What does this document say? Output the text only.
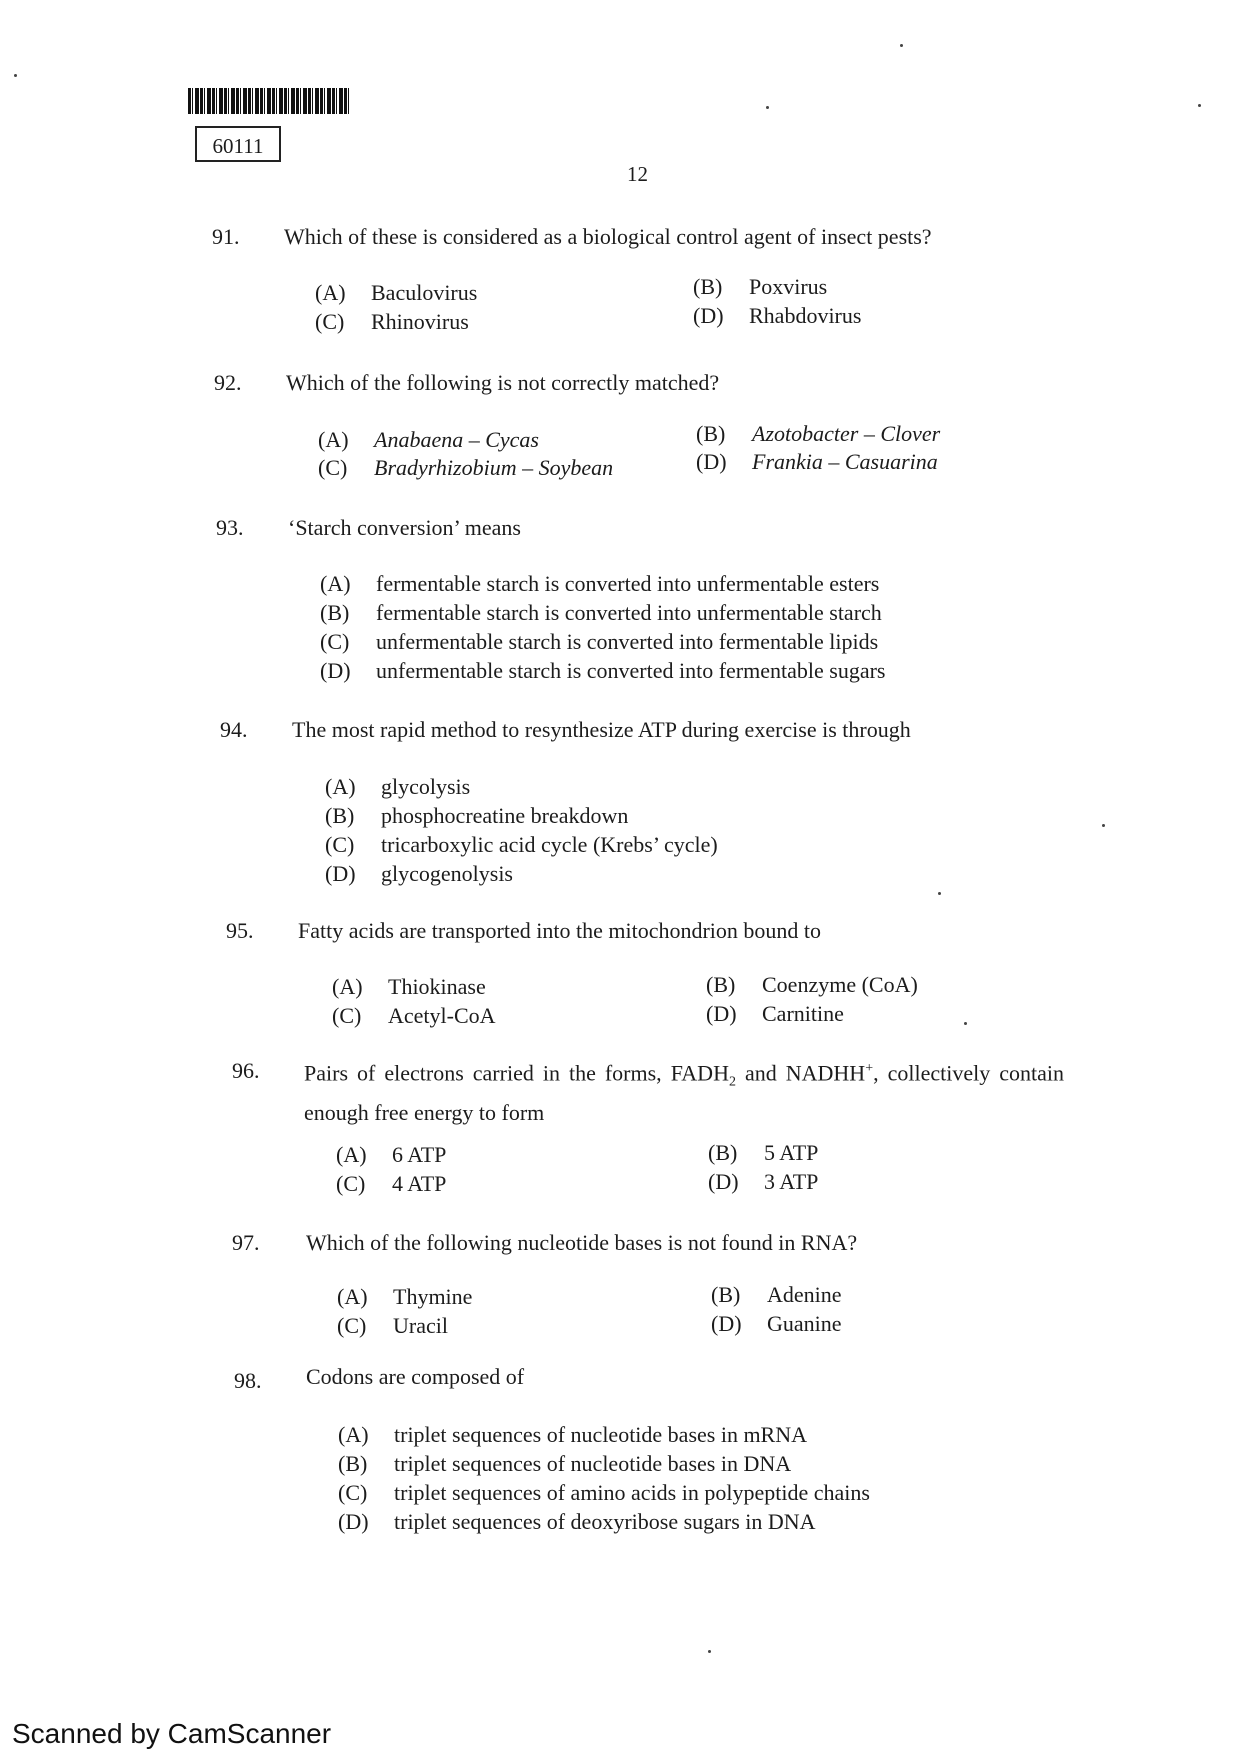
60111
12
91. Which of these is considered as a biological control agent of insect pests?
(A) Baculovirus	(B) Poxvirus
(C) Rhinovirus	(D) Rhabdovirus
92. Which of the following is not correctly matched?
(A) Anabaena – Cycas	(B) Azotobacter – Clover
(C) Bradyrhizobium – Soybean	(D) Frankia – Casuarina
93. ‘Starch conversion’ means
(A) fermentable starch is converted into unfermentable esters
(B) fermentable starch is converted into unfermentable starch
(C) unfermentable starch is converted into fermentable lipids
(D) unfermentable starch is converted into fermentable sugars
94. The most rapid method to resynthesize ATP during exercise is through
(A) glycolysis
(B) phosphocreatine breakdown
(C) tricarboxylic acid cycle (Krebs’ cycle)
(D) glycogenolysis
95. Fatty acids are transported into the mitochondrion bound to
(A) Thiokinase	(B) Coenzyme (CoA)
(C) Acetyl-CoA	(D) Carnitine
96. Pairs of electrons carried in the forms, $FADH_2$ and NADHH+, collectively contain enough free energy to form
(A) 6 ATP	(B) 5 ATP
(C) 4 ATP	(D) 3 ATP
97. Which of the following nucleotide bases is not found in RNA?
(A) Thymine	(B) Adenine
(C) Uracil	(D) Guanine
98. Codons are composed of
(A) triplet sequences of nucleotide bases in mRNA
(B) triplet sequences of nucleotide bases in DNA
(C) triplet sequences of amino acids in polypeptide chains
(D) triplet sequences of deoxyribose sugars in DNA
Scanned by CamScanner
